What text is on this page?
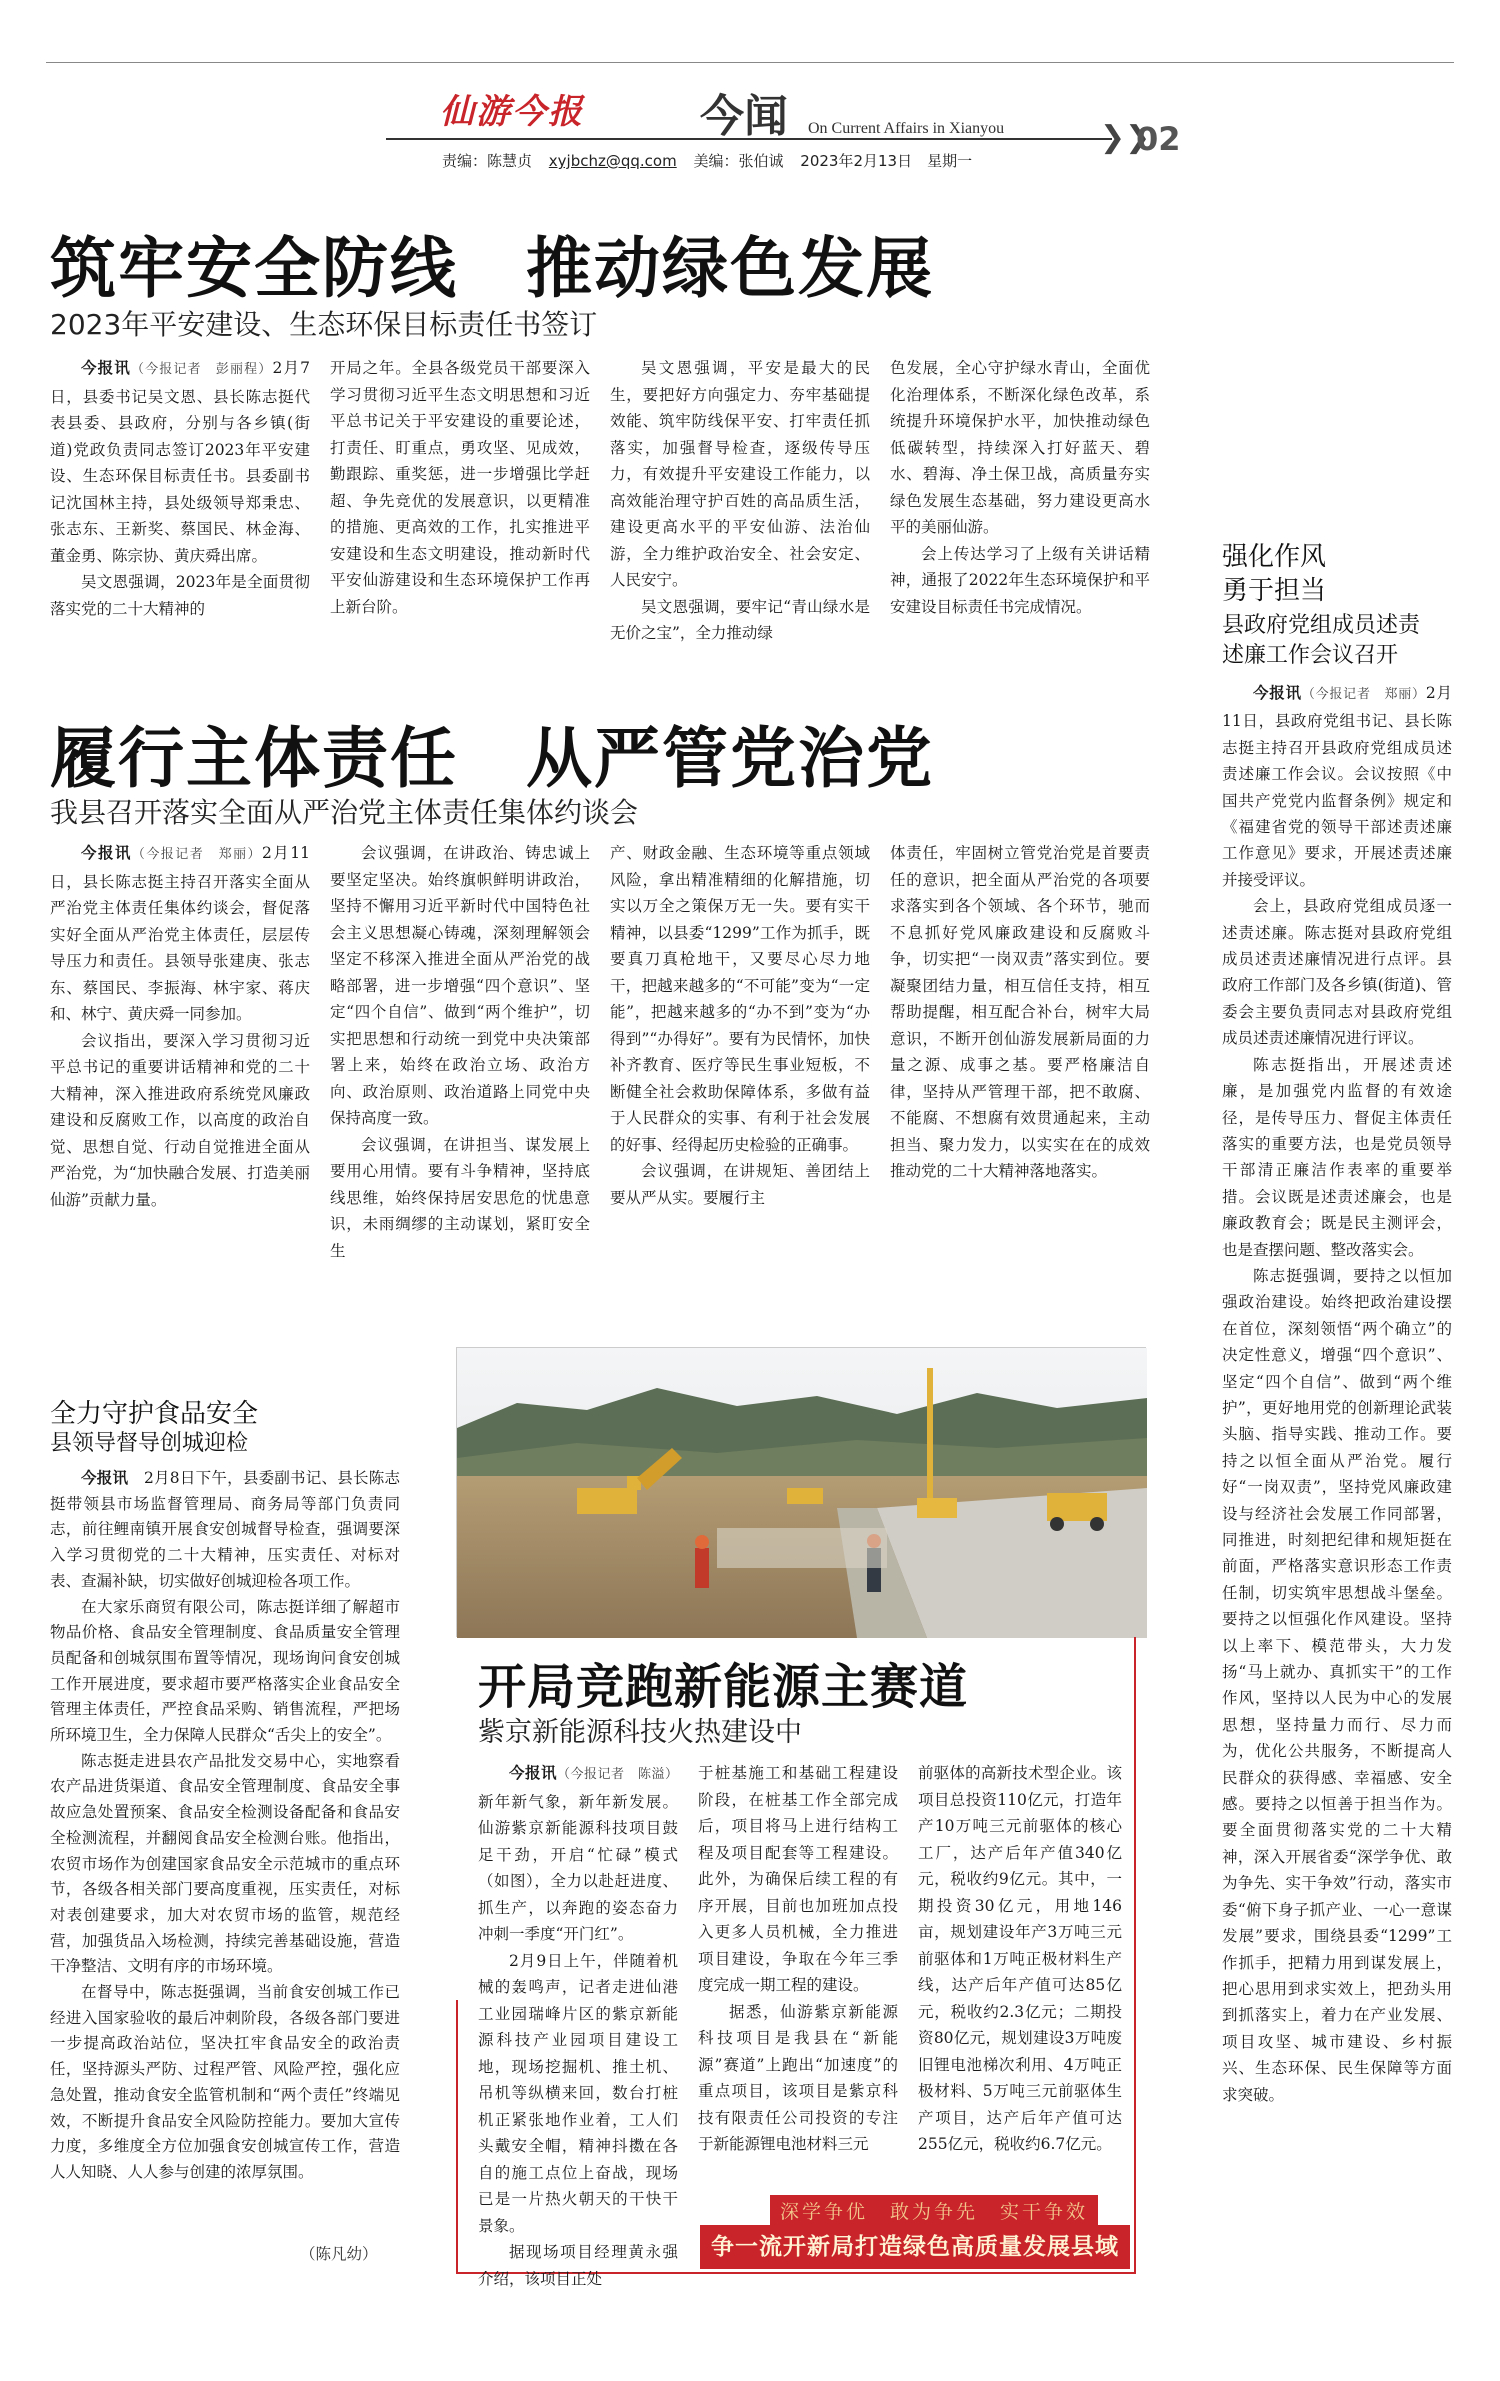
仙游今报	今闻 On Current Affairs in Xianyou	❯❯
02
责编：陈慧贞 xyjbchz@qq.com 美编：张伯诚 2023年2月13日　星期一
筑牢安全防线　推动绿色发展
2023年平安建设、生态环保目标责任书签订

今报讯（今报记者　彭丽程）2月7日，县委书记吴文恩、县长陈志挺代表县委、县政府，分别与各乡镇(街道)党政负责同志签订2023年平安建设、生态环保目标责任书。县委副书记沈国林主持，县处级领导郑秉忠、张志东、王新奖、蔡国民、林金海、董金勇、陈宗协、黄庆舜出席。

吴文恩强调，2023年是全面贯彻落实党的二十大精神的

开局之年。全县各级党员干部要深入学习贯彻习近平生态文明思想和习近平总书记关于平安建设的重要论述，打责任、盯重点，勇攻坚、见成效，勤跟踪、重奖惩，进一步增强比学赶超、争先竞优的发展意识，以更精准的措施、更高效的工作，扎实推进平安建设和生态文明建设，推动新时代平安仙游建设和生态环境保护工作再上新台阶。

吴文恩强调，平安是最大的民生，要把好方向强定力、夯牢基础提效能、筑牢防线保平安、打牢责任抓落实，加强督导检查，逐级传导压力，有效提升平安建设工作能力，以高效能治理守护百姓的高品质生活，建设更高水平的平安仙游、法治仙游，全力维护政治安全、社会安定、人民安宁。

吴文恩强调，要牢记“青山绿水是无价之宝”，全力推动绿

色发展，全心守护绿水青山，全面优化治理体系，不断深化绿色改革，系统提升环境保护水平，加快推动绿色低碳转型，持续深入打好蓝天、碧水、碧海、净土保卫战，高质量夯实绿色发展生态基础，努力建设更高水平的美丽仙游。

会上传达学习了上级有关讲话精神，通报了2022年生态环境保护和平安建设目标责任书完成情况。

履行主体责任　从严管党治党
我县召开落实全面从严治党主体责任集体约谈会

今报讯（今报记者　郑丽）2月11日，县长陈志挺主持召开落实全面从严治党主体责任集体约谈会，督促落实好全面从严治党主体责任，层层传导压力和责任。县领导张建庚、张志东、蔡国民、李振海、林宇家、蒋庆和、林宁、黄庆舜一同参加。

会议指出，要深入学习贯彻习近平总书记的重要讲话精神和党的二十大精神，深入推进政府系统党风廉政建设和反腐败工作，以高度的政治自觉、思想自觉、行动自觉推进全面从严治党，为“加快融合发展、打造美丽仙游”贡献力量。

会议强调，在讲政治、铸忠诚上要坚定坚决。始终旗帜鲜明讲政治，坚持不懈用习近平新时代中国特色社会主义思想凝心铸魂，深刻理解领会坚定不移深入推进全面从严治党的战略部署，进一步增强“四个意识”、坚定“四个自信”、做到“两个维护”，切实把思想和行动统一到党中央决策部署上来，始终在政治立场、政治方向、政治原则、政治道路上同党中央保持高度一致。

会议强调，在讲担当、谋发展上要用心用情。要有斗争精神，坚持底线思维，始终保持居安思危的忧患意识，未雨绸缪的主动谋划，紧盯安全生

产、财政金融、生态环境等重点领域风险，拿出精准精细的化解措施，切实以万全之策保万无一失。要有实干精神，以县委“1299”工作为抓手，既要真刀真枪地干，又要尽心尽力地干，把越来越多的“不可能”变为“一定能”，把越来越多的“办不到”变为“办得到”“办得好”。要有为民情怀，加快补齐教育、医疗等民生事业短板，不断健全社会救助保障体系，多做有益于人民群众的实事、有利于社会发展的好事、经得起历史检验的正确事。

会议强调，在讲规矩、善团结上要从严从实。要履行主

体责任，牢固树立管党治党是首要责任的意识，把全面从严治党的各项要求落实到各个领域、各个环节，驰而不息抓好党风廉政建设和反腐败斗争，切实把“一岗双责”落实到位。要凝聚团结力量，相互信任支持，相互帮助提醒，相互配合补台，树牢大局意识，不断开创仙游发展新局面的力量之源、成事之基。要严格廉洁自律，坚持从严管理干部，把不敢腐、不能腐、不想腐有效贯通起来，主动担当、聚力发力，以实实在在的成效推动党的二十大精神落地落实。

强化作风
勇于担当
县政府党组成员述责
述廉工作会议召开

今报讯（今报记者　郑丽）2月11日，县政府党组书记、县长陈志挺主持召开县政府党组成员述责述廉工作会议。会议按照《中国共产党党内监督条例》规定和《福建省党的领导干部述责述廉工作意见》要求，开展述责述廉并接受评议。

会上，县政府党组成员逐一述责述廉。陈志挺对县政府党组成员述责述廉情况进行点评。县政府工作部门及各乡镇(街道)、管委会主要负责同志对县政府党组成员述责述廉情况进行评议。

陈志挺指出，开展述责述廉，是加强党内监督的有效途径，是传导压力、督促主体责任落实的重要方法，也是党员领导干部清正廉洁作表率的重要举措。会议既是述责述廉会，也是廉政教育会；既是民主测评会，也是查摆问题、整改落实会。

陈志挺强调，要持之以恒加强政治建设。始终把政治建设摆在首位，深刻领悟“两个确立”的决定性意义，增强“四个意识”、坚定“四个自信”、做到“两个维护”，更好地用党的创新理论武装头脑、指导实践、推动工作。要持之以恒全面从严治党。履行好“一岗双责”，坚持党风廉政建设与经济社会发展工作同部署，同推进，时刻把纪律和规矩挺在前面，严格落实意识形态工作责任制，切实筑牢思想战斗堡垒。要持之以恒强化作风建设。坚持以上率下、模范带头，大力发扬“马上就办、真抓实干”的工作作风，坚持以人民为中心的发展思想，坚持量力而行、尽力而为，优化公共服务，不断提高人民群众的获得感、幸福感、安全感。要持之以恒善于担当作为。要全面贯彻落实党的二十大精神，深入开展省委“深学争优、敢为争先、实干争效”行动，落实市委“俯下身子抓产业、一心一意谋发展”要求，围绕县委“1299”工作抓手，把精力用到谋发展上，把心思用到求实效上，把劲头用到抓落实上，着力在产业发展、项目攻坚、城市建设、乡村振兴、生态环保、民生保障等方面求突破。

全力守护食品安全
县领导督导创城迎检

今报讯　 2月8日下午，县委副书记、县长陈志挺带领县市场监督管理局、商务局等部门负责同志，前往鲤南镇开展食安创城督导检查，强调要深入学习贯彻党的二十大精神，压实责任、对标对表、查漏补缺，切实做好创城迎检各项工作。

在大家乐商贸有限公司，陈志挺详细了解超市物品价格、食品安全管理制度、食品质量安全管理员配备和创城氛围布置等情况，现场询问食安创城工作开展进度，要求超市要严格落实企业食品安全管理主体责任，严控食品采购、销售流程，严把场所环境卫生，全力保障人民群众“舌尖上的安全”。

陈志挺走进县农产品批发交易中心，实地察看农产品进货渠道、食品安全管理制度、食品安全事故应急处置预案、食品安全检测设备配备和食品安全检测流程，并翻阅食品安全检测台账。他指出，农贸市场作为创建国家食品安全示范城市的重点环节，各级各相关部门要高度重视，压实责任，对标对表创建要求，加大对农贸市场的监管，规范经营，加强货品入场检测，持续完善基础设施，营造干净整洁、文明有序的市场环境。

在督导中，陈志挺强调，当前食安创城工作已经进入国家验收的最后冲刺阶段，各级各部门要进一步提高政治站位，坚决扛牢食品安全的政治责任，坚持源头严防、过程严管、风险严控，强化应急处置，推动食安全监管机制和“两个责任”终端见效，不断提升食品安全风险防控能力。要加大宣传力度，多维度全方位加强食安创城宣传工作，营造人人知晓、人人参与创建的浓厚氛围。

（陈凡幼）
开局竞跑新能源主赛道
紫京新能源科技火热建设中

今报讯（今报记者　陈溢）新年新气象，新年新发展。仙游紫京新能源科技项目鼓足干劲，开启“忙碌”模式（如图），全力以赴赶进度、抓生产，以奔跑的姿态奋力冲刺一季度“开门红”。

2月9日上午，伴随着机械的轰鸣声，记者走进仙港工业园瑞峰片区的紫京新能源科技产业园项目建设工地，现场挖掘机、推土机、吊机等纵横来回，数台打桩机正紧张地作业着，工人们头戴安全帽，精神抖擞在各自的施工点位上奋战，现场已是一片热火朝天的干快干景象。

据现场项目经理黄永强介绍，该项目正处

于桩基施工和基础工程建设阶段，在桩基工作全部完成后，项目将马上进行结构工程及项目配套等工程建设。此外，为确保后续工程的有序开展，目前也加班加点投入更多人员机械，全力推进项目建设，争取在今年三季度完成一期工程的建设。

据悉，仙游紫京新能源科技项目是我县在“新能源”赛道”上跑出“加速度”的重点项目，该项目是紫京科技有限责任公司投资的专注于新能源锂电池材料三元

前驱体的高新技术型企业。该项目总投资110亿元，打造年产10万吨三元前驱体的核心工厂，达产后年产值340亿元，税收约9亿元。其中，一期投资30亿元，用地146亩，规划建设年产3万吨三元前驱体和1万吨正极材料生产线，达产后年产值可达85亿元，税收约2.3亿元；二期投资80亿元，规划建设3万吨废旧锂电池梯次利用、4万吨正极材料、5万吨三元前驱体生产项目，达产后年产值可达255亿元，税收约6.7亿元。

深学争优　敢为争先　实干争效
争一流开新局打造绿色高质量发展县域
